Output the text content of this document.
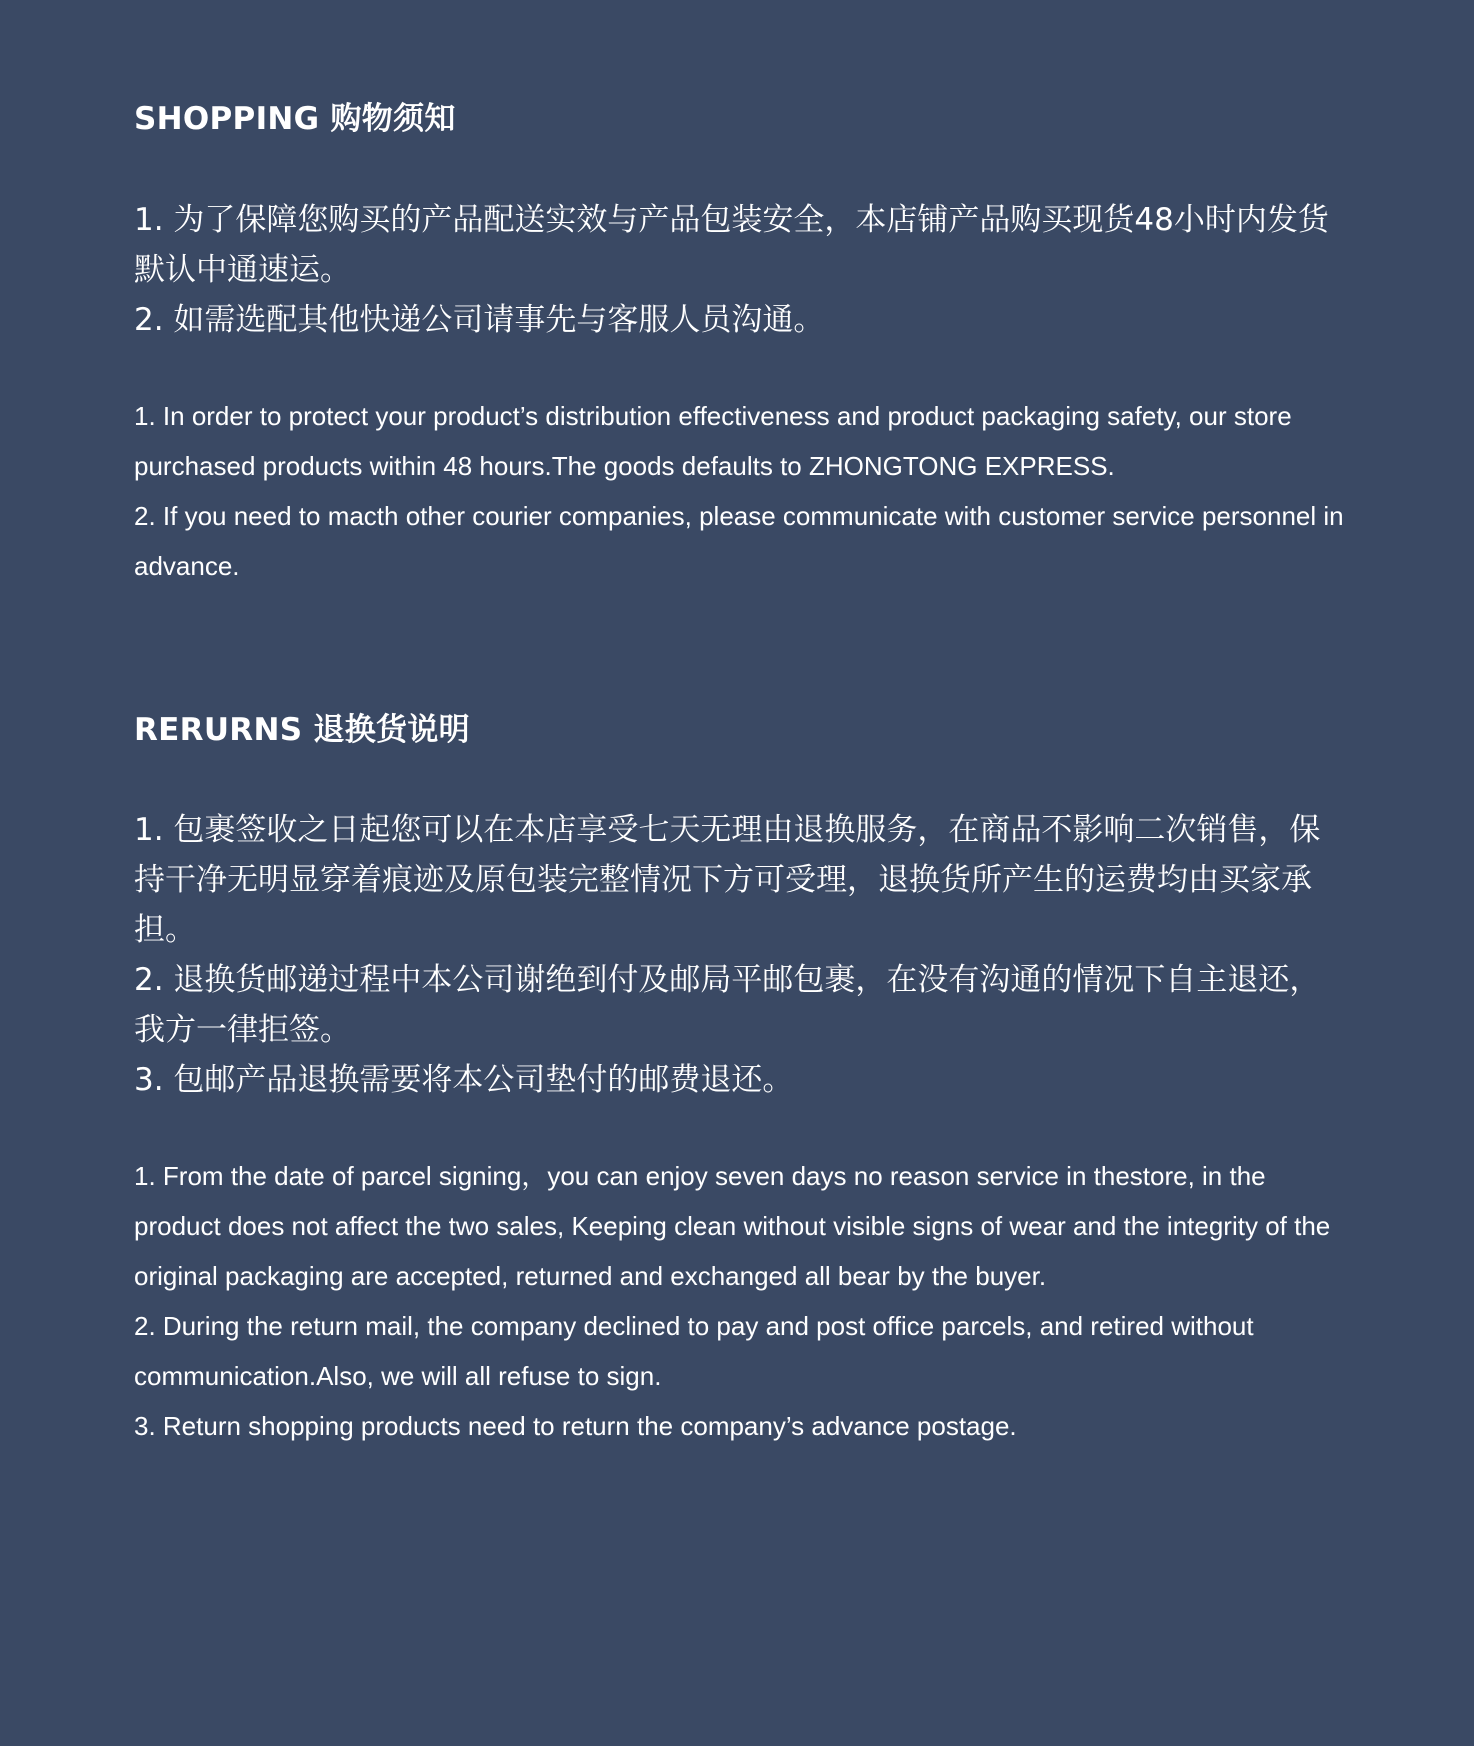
SHOPPING 购物须知

1. 为了保障您购买的产品配送实效与产品包装安全，本店铺产品购买现货48小时内发货默认中通速运。

2. 如需选配其他快递公司请事先与客服人员沟通。

1. In order to protect your product’s distribution effectiveness and product packaging safety, our store purchased products within 48 hours.The goods defaults to ZHONGTONG EXPRESS.

2. If you need to macth other courier companies, please communicate with customer service personnel in advance.

RERURNS 退换货说明

1. 包裹签收之日起您可以在本店享受七天无理由退换服务，在商品不影响二次销售，保持干净无明显穿着痕迹及原包装完整情况下方可受理，退换货所产生的运费均由买家承担。

2. 退换货邮递过程中本公司谢绝到付及邮局平邮包裹，在没有沟通的情况下自主退还，我方一律拒签。

3. 包邮产品退换需要将本公司垫付的邮费退还。

1. From the date of parcel signing，you can enjoy seven days no reason service in thestore, in the product does not affect the two sales, Keeping clean without visible signs of wear and the integrity of the original packaging are accepted, returned and exchanged all bear by the buyer.

2. During the return mail, the company declined to pay and post office parcels, and retired without communication.Also, we will all refuse to sign.

3. Return shopping products need to return the company’s advance postage.
